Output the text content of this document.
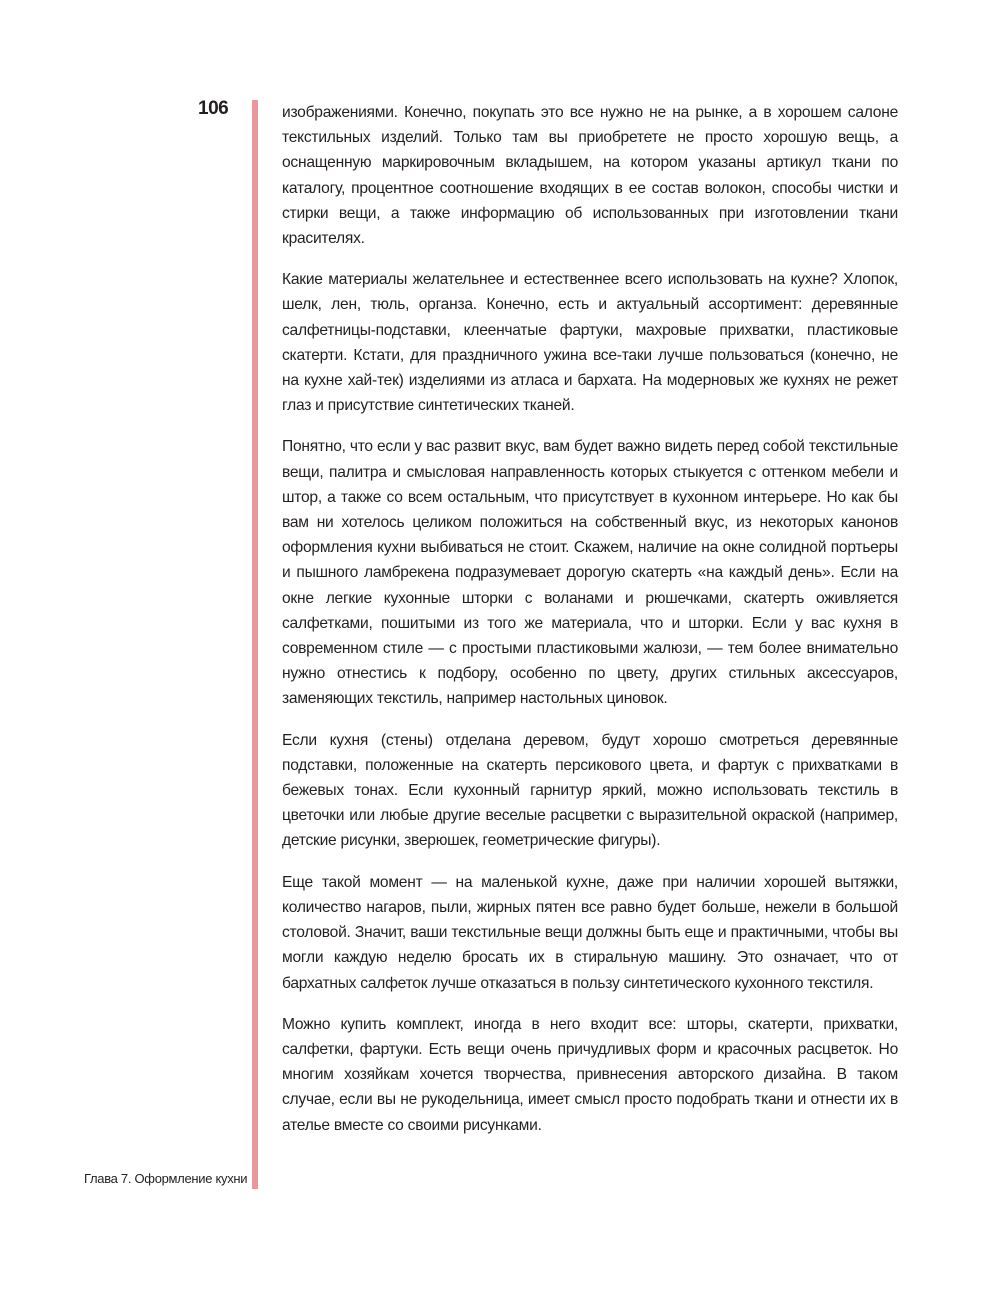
106	изображениями. Конечно, покупать это все нужно не на рынке, а в хорошем салоне текстильных изделий. Только там вы приобретете не просто хорошую вещь, а оснащенную маркировочным вкладышем, на котором указаны артикул ткани по каталогу, процентное соотношение входящих в ее состав волокон, способы чистки и стирки вещи, а также информацию об использованных при изготовлении ткани красителях.

Какие материалы желательнее и естественнее всего использовать на кухне? Хлопок, шелк, лен, тюль, органза. Конечно, есть и актуальный ассортимент: деревянные салфетницы-подставки, клеенчатые фартуки, махровые прихватки, пластиковые скатерти. Кстати, для праздничного ужина все-таки лучше пользоваться (конечно, не на кухне хай-тек) изделиями из атласа и бархата. На модерновых же кухнях не режет глаз и присутствие синтетических тканей.

Понятно, что если у вас развит вкус, вам будет важно видеть перед собой текстильные вещи, палитра и смысловая направленность которых стыкуется с оттенком мебели и штор, а также со всем остальным, что присутствует в кухонном интерьере. Но как бы вам ни хотелось целиком положиться на собственный вкус, из некоторых канонов оформления кухни выбиваться не стоит. Скажем, наличие на окне солидной портьеры и пышного ламбрекена подразумевает дорогую скатерть «на каждый день». Если на окне легкие кухонные шторки с воланами и рюшечками, скатерть оживляется салфетками, пошитыми из того же материала, что и шторки. Если у вас кухня в современном стиле — с простыми пластиковыми жалюзи, — тем более внимательно нужно отнестись к подбору, особенно по цвету, других стильных аксессуаров, заменяющих текстиль, например настольных циновок.

Если кухня (стены) отделана деревом, будут хорошо смотреться деревянные подставки, положенные на скатерть персикового цвета, и фартук с прихватками в бежевых тонах. Если кухонный гарнитур яркий, можно использовать текстиль в цветочки или любые другие веселые расцветки с выразительной окраской (например, детские рисунки, зверюшек, геометрические фигуры).

Еще такой момент — на маленькой кухне, даже при наличии хорошей вытяжки, количество нагаров, пыли, жирных пятен все равно будет больше, нежели в большой столовой. Значит, ваши текстильные вещи должны быть еще и практичными, чтобы вы могли каждую неделю бросать их в стиральную машину. Это означает, что от бархатных салфеток лучше отказаться в пользу синтетического кухонного текстиля.

Можно купить комплект, иногда в него входит все: шторы, скатерти, прихватки, салфетки, фартуки. Есть вещи очень причудливых форм и красочных расцветок. Но многим хозяйкам хочется творчества, привнесения авторского дизайна. В таком случае, если вы не рукодельница, имеет смысл просто подобрать ткани и отнести их в ателье вместе со своими рисунками.

Глава 7. Оформление кухни
